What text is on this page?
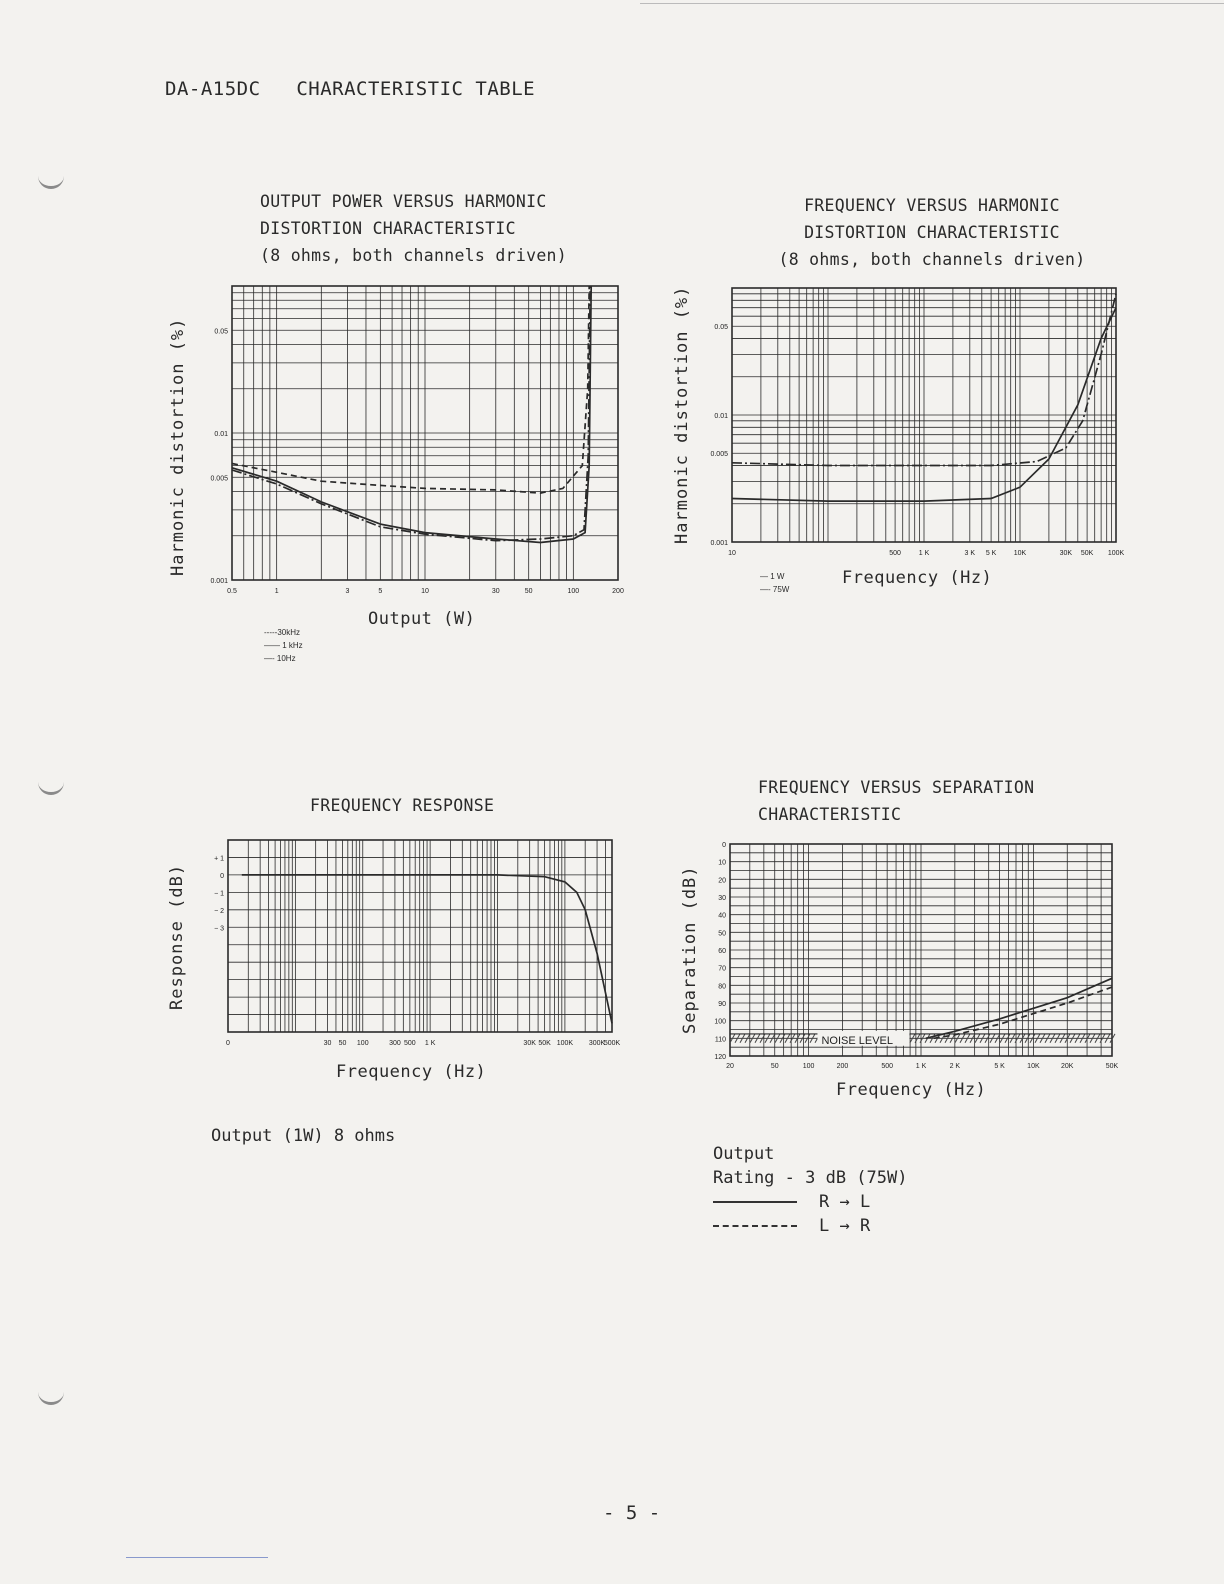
DA-A15DC   CHARACTERISTIC TABLE
OUTPUT POWER VERSUS HARMONIC
DISTORTION CHARACTERISTIC
(8 ohms, both channels driven)
Harmonic distortion (%)
0.5	1	3	5	10	30	50	100	200
0.05
0.01
0.005
0.001
Output (W)
-----30kHz
—— 1 kHz
—- 10Hz
FREQUENCY VERSUS HARMONIC
DISTORTION CHARACTERISTIC
(8 ohms, both channels driven)
Harmonic distortion (%)
10	500	1 K	3 K 5 K 10K	30K 50K 100K
0.05
0.01
0.005
0.001
— 1 W
—- 75W
Frequency (Hz)
FREQUENCY RESPONSE
Response (dB)
0	30 50 100	300 500 1 K	30K 50K 100K 300K
500K
+ 1
0
− 1
− 2
− 3
Frequency (Hz)
Output (1W) 8 ohms
FREQUENCY VERSUS SEPARATION
CHARACTERISTIC
Separation (dB)
NOISE LEVEL
20	50	100	200	500	1 K	2 K	5 K	10K	20K	50K
0
10
20
30
40
50
60
70
80
90
100
110
120
Frequency (Hz)
Output
Rating - 3 dB (75W)
R → L
L → R
- 5 -
